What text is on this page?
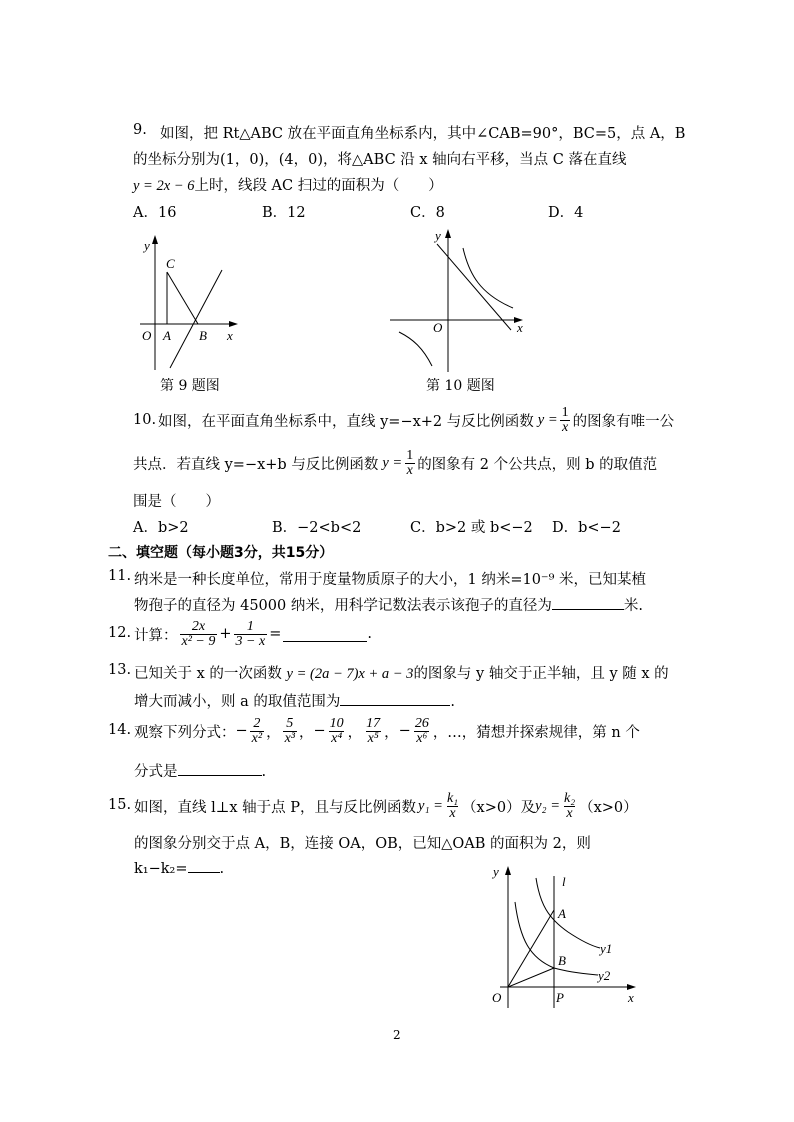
9. 如图，把 Rt△ABC 放在平面直角坐标系内，其中∠CAB=90°，BC=5，点 A，B
的坐标分别为(1，0)，(4，0)，将△ABC 沿 x 轴向右平移，当点 C 落在直线
y = 2x − 6上时，线段 AC 扫过的面积为（　　）
A．16	B．12	C．8	D．4
y
C
O A B x
第 9 题图
y
O	x
第 10 题图
10. 如图，在平面直角坐标系中，直线 y=−x+2 与反比例函数 $y = \frac{1}{x}$ 的图象有唯一公
共点．若直线 y=−x+b 与反比例函数 $y = \frac{1}{x}$ 的图象有 2 个公共点，则 b 的取值范
围是（　　）
A．b>2	B．−2<b<2	C．b>2 或 b<−2 D．b<−2
二、填空题（每小题3分，共15分）
11. 纳米是一种长度单位，常用于度量物质原子的大小，1 纳米=10⁻⁹ 米，已知某植
物孢子的直径为 45000 纳米，用科学记数法表示该孢子的直径为	米.
12. 计算： $\frac{2x}{\text{x² − 9}} + \frac{1}{3 - x}$ =	.
13. 已知关于 x 的一次函数 y = (2a − 7)x + a − 3的图象与 y 轴交于正半轴，且 y 随 x 的
增大而减小，则 a 的取值范围为	.
14. 观察下列分式： − $\frac{2}{\text{x²}}$ ， $\frac{5}{\text{x³}}$ ， − $\frac{10}{\text{x⁴}}$ ， $\frac{17}{\text{x⁵}}$ ， − $\frac{26}{\text{x⁶}}$ ，…，猜想并探索规律，第 n 个
分式是	.
15. 如图，直线 l⊥x 轴于点 P，且与反比例函数 $y_1 = \frac{\text{k₁}}{x} (x>0)$及 $y_2 = \frac{\text{k₂}}{x} (x>0)$
的图象分别交于点 A，B，连接 OA，OB，已知△OAB 的面积为 2，则
k₁−k₂= .	y
l
A
y1
B
y2
O	P	x
2
